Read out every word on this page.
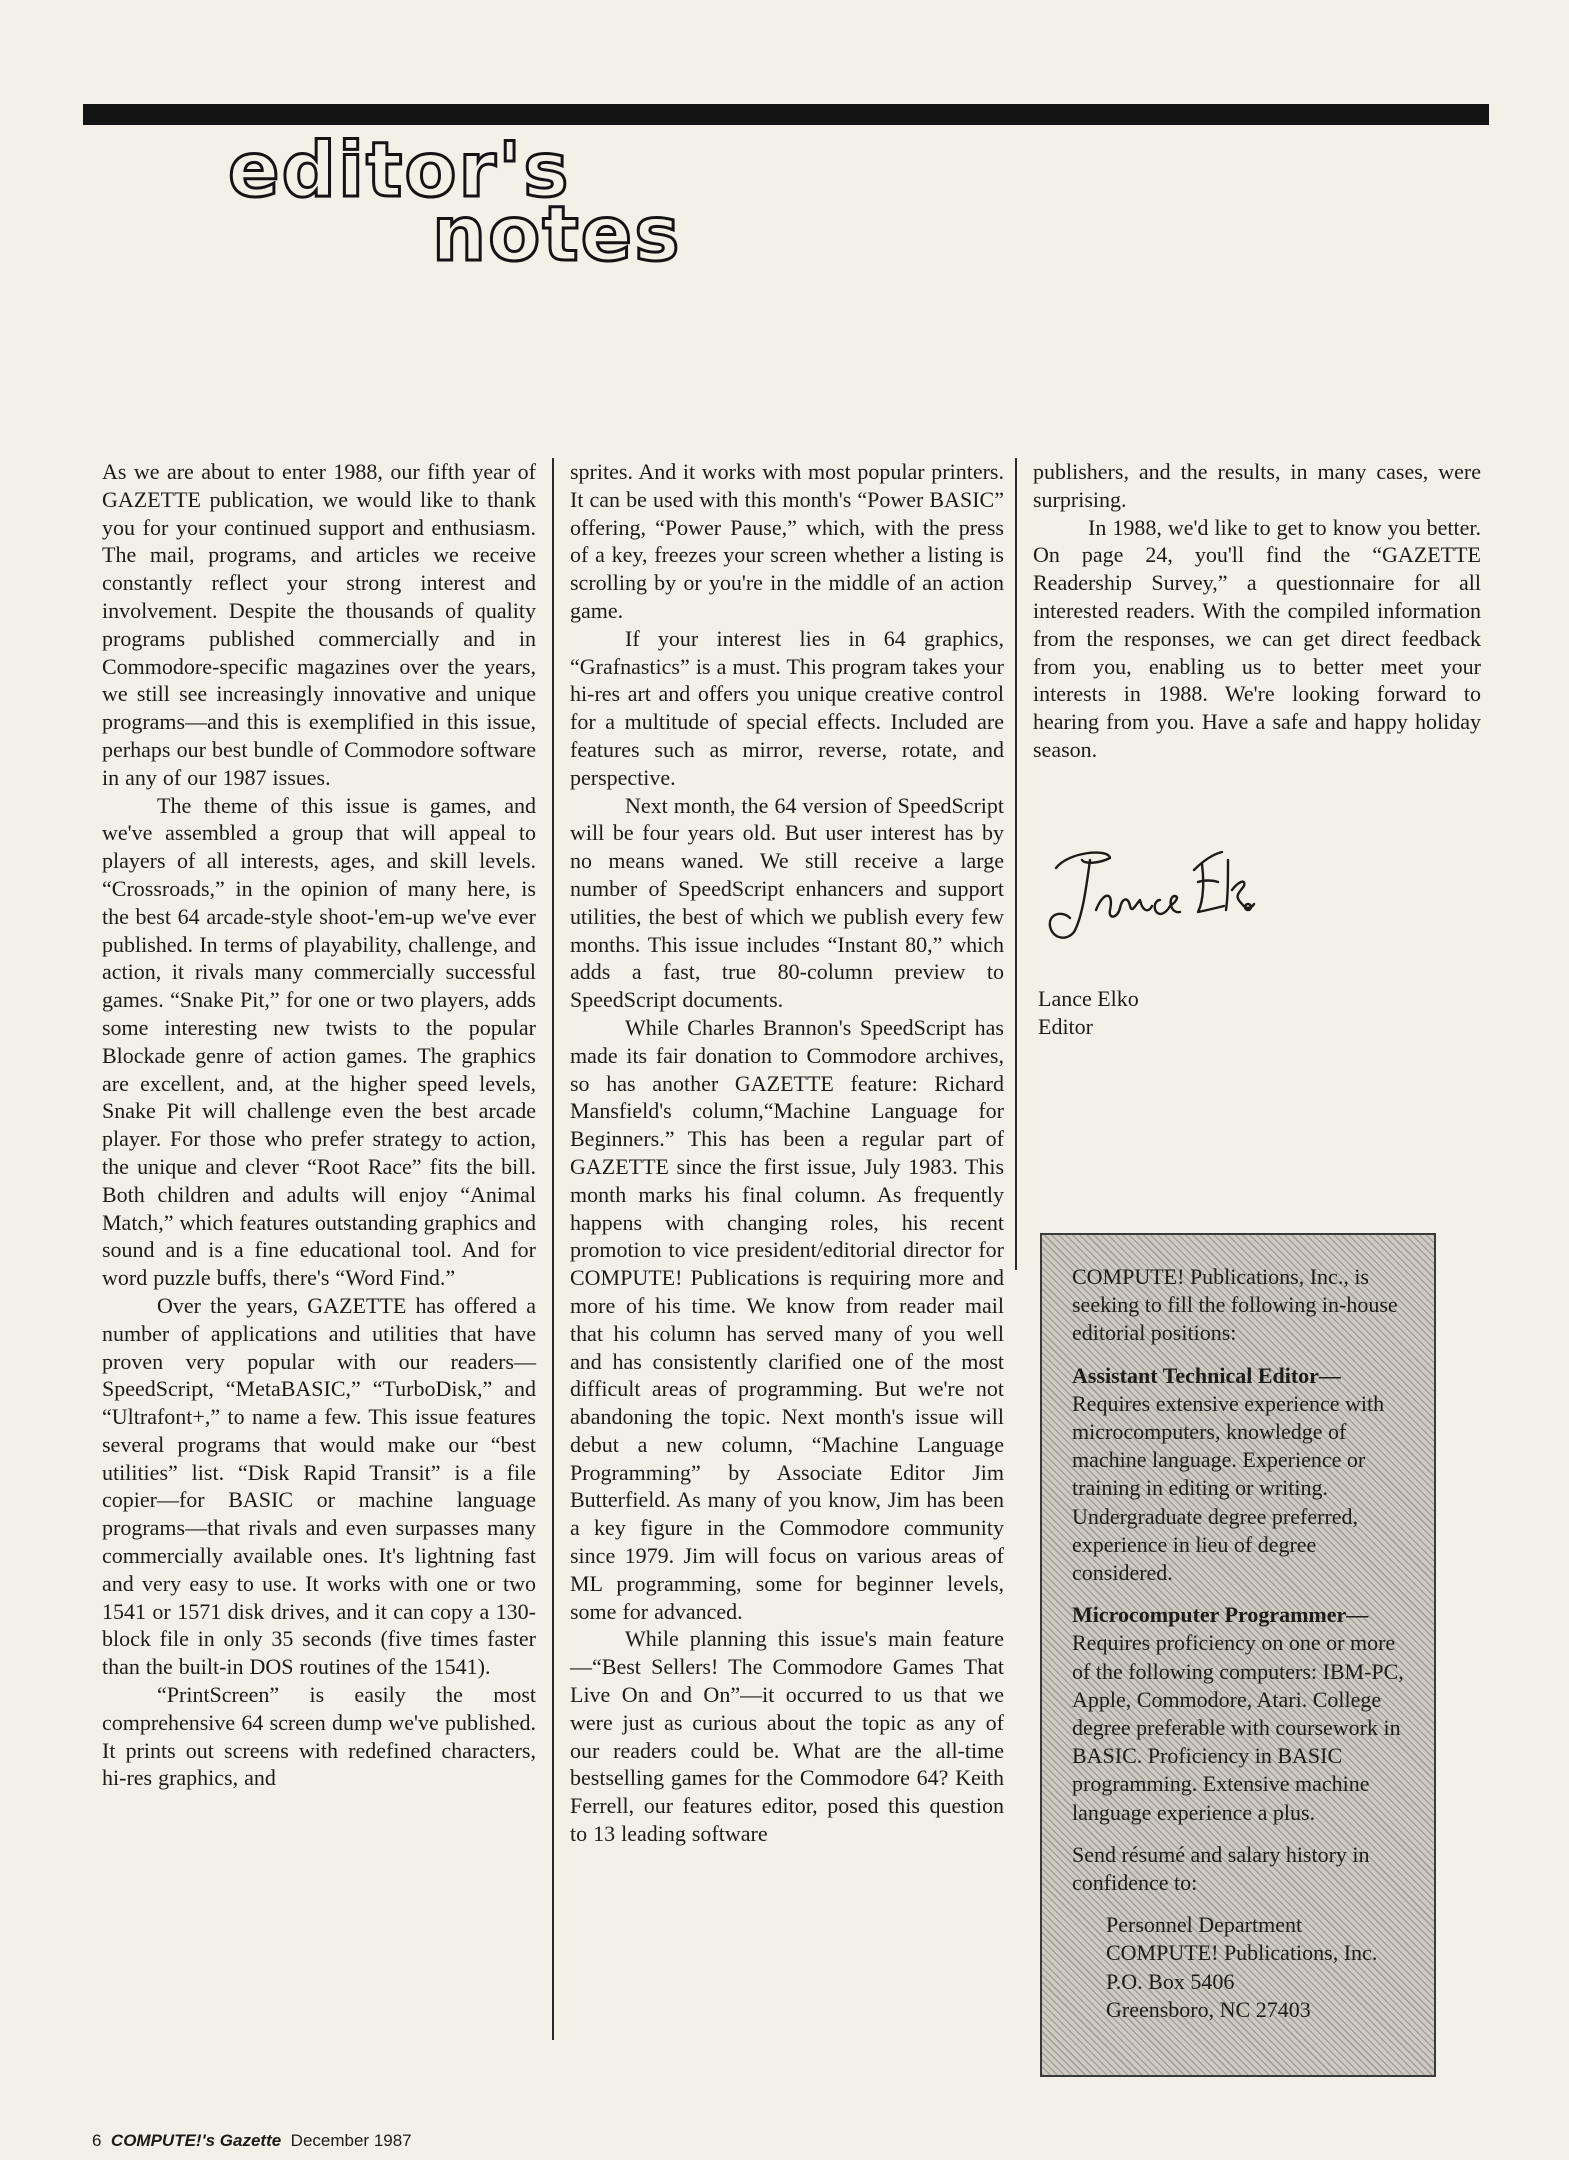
editor's
notes

As we are about to enter 1988, our fifth year of GAZETTE publication, we would like to thank you for your continued support and enthusiasm. The mail, programs, and articles we receive constantly reflect your strong interest and involvement. Despite the thousands of quality programs published commercially and in Commodore-specific magazines over the years, we still see increasingly innovative and unique programs—and this is exemplified in this issue, perhaps our best bundle of Commodore software in any of our 1987 issues.

The theme of this issue is games, and we've assembled a group that will appeal to players of all interests, ages, and skill levels. “Crossroads,” in the opinion of many here, is the best 64 arcade-style shoot-'em-up we've ever published. In terms of playability, challenge, and action, it rivals many commercially successful games. “Snake Pit,” for one or two players, adds some interesting new twists to the popular Blockade genre of action games. The graphics are excellent, and, at the higher speed levels, Snake Pit will challenge even the best arcade player. For those who prefer strategy to action, the unique and clever “Root Race” fits the bill. Both children and adults will enjoy “Animal Match,” which features outstanding graphics and sound and is a fine educational tool. And for word puzzle buffs, there's “Word Find.”

Over the years, GAZETTE has offered a number of applications and utilities that have proven very popular with our readers—SpeedScript, “MetaBASIC,” “TurboDisk,” and “Ultrafont+,” to name a few. This issue features several programs that would make our “best utilities” list. “Disk Rapid Transit” is a file copier—for BASIC or machine language programs—that rivals and even surpasses many commercially available ones. It's lightning fast and very easy to use. It works with one or two 1541 or 1571 disk drives, and it can copy a 130-block file in only 35 seconds (five times faster than the built-in DOS routines of the 1541).

“PrintScreen” is easily the most comprehensive 64 screen dump we've published. It prints out screens with redefined characters, hi-res graphics, and

sprites. And it works with most popular printers. It can be used with this month's “Power BASIC” offering, “Power Pause,” which, with the press of a key, freezes your screen whether a listing is scrolling by or you're in the middle of an action game.

If your interest lies in 64 graphics, “Grafnastics” is a must. This program takes your hi-res art and offers you unique creative control for a multitude of special effects. Included are features such as mirror, reverse, rotate, and perspective.

Next month, the 64 version of SpeedScript will be four years old. But user interest has by no means waned. We still receive a large number of SpeedScript enhancers and support utilities, the best of which we publish every few months. This issue includes “Instant 80,” which adds a fast, true 80-column preview to SpeedScript documents.

While Charles Brannon's SpeedScript has made its fair donation to Commodore archives, so has another GAZETTE feature: Richard Mansfield's column,“Machine Language for Beginners.” This has been a regular part of GAZETTE since the first issue, July 1983. This month marks his final column. As frequently happens with changing roles, his recent promotion to vice president/editorial director for COMPUTE! Publications is requiring more and more of his time. We know from reader mail that his column has served many of you well and has consistently clarified one of the most difficult areas of programming. But we're not abandoning the topic. Next month's issue will debut a new column, “Machine Language Programming” by Associate Editor Jim Butterfield. As many of you know, Jim has been a key figure in the Commodore community since 1979. Jim will focus on various areas of ML programming, some for beginner levels, some for advanced.

While planning this issue's main feature—“Best Sellers! The Commodore Games That Live On and On”—it occurred to us that we were just as curious about the topic as any of our readers could be. What are the all-time bestselling games for the Commodore 64? Keith Ferrell, our features editor, posed this question to 13 leading software

publishers, and the results, in many cases, were surprising.

In 1988, we'd like to get to know you better. On page 24, you'll find the “GAZETTE Readership Survey,” a questionnaire for all interested readers. With the compiled information from the responses, we can get direct feedback from you, enabling us to better meet your interests in 1988. We're looking forward to hearing from you. Have a safe and happy holiday season.

Lance Elko
Editor

COMPUTE! Publications, Inc., is seeking to fill the following in-house editorial positions:

Assistant Technical Editor— Requires extensive experience with microcomputers, knowledge of machine language. Experience or training in editing or writing. Undergraduate degree preferred, experience in lieu of degree considered.

Microcomputer Programmer— Requires proficiency on one or more of the following computers: IBM-PC, Apple, Commodore, Atari. College degree preferable with coursework in BASIC. Proficiency in BASIC programming. Extensive machine language experience a plus.

Send résumé and salary history in confidence to:

Personnel Department
COMPUTE! Publications, Inc.
P.O. Box 5406
Greensboro, NC 27403
6 COMPUTE!'s Gazette December 1987
